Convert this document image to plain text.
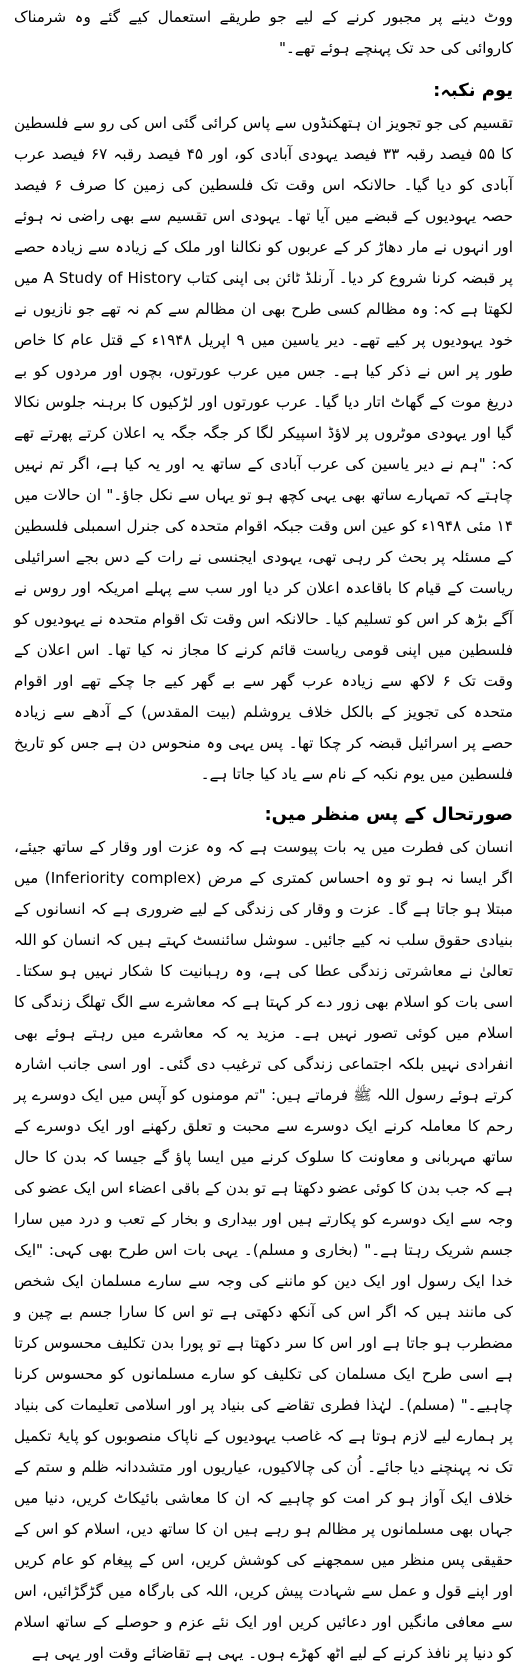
ووٹ دینے پر مجبور کرنے کے لیے جو طریقے استعمال کیے گئے وہ شرمناک کاروائی کی حد تک پہنچے ہوئے تھے۔"

یوم نکبہ:

تقسیم کی جو تجویز ان ہتھکنڈوں سے پاس کرائی گئی اس کی رو سے فلسطین کا ۵۵ فیصد رقبہ ۳۳ فیصد یہودی آبادی کو، اور ۴۵ فیصد رقبہ ۶۷ فیصد عرب آبادی کو دیا گیا۔ حالانکہ اس وقت تک فلسطین کی زمین کا صرف ۶ فیصد حصہ یہودیوں کے قبضے میں آیا تھا۔ یہودی اس تقسیم سے بھی راضی نہ ہوئے اور انہوں نے مار دھاڑ کر کے عربوں کو نکالنا اور ملک کے زیادہ سے زیادہ حصے پر قبضہ کرنا شروع کر دیا۔ آرنلڈ ٹائن بی اپنی کتاب A Study of History میں لکھتا ہے کہ: وہ مظالم کسی طرح بھی ان مظالم سے کم نہ تھے جو نازیوں نے خود یہودیوں پر کیے تھے۔ دیر یاسین میں ۹ اپریل ۱۹۴۸ء کے قتل عام کا خاص طور پر اس نے ذکر کیا ہے۔ جس میں عرب عورتوں، بچوں اور مردوں کو بے دریغ موت کے گھاٹ اتار دیا گیا۔ عرب عورتوں اور لڑکیوں کا برہنہ جلوس نکالا گیا اور یہودی موٹروں پر لاؤڈ اسپیکر لگا کر جگہ جگہ یہ اعلان کرتے پھرتے تھے کہ: "ہم نے دیر یاسین کی عرب آبادی کے ساتھ یہ اور یہ کیا ہے، اگر تم نہیں چاہتے کہ تمہارے ساتھ بھی یہی کچھ ہو تو یہاں سے نکل جاؤ۔" ان حالات میں ۱۴ مئی ۱۹۴۸ء کو عین اس وقت جبکہ اقوام متحدہ کی جنرل اسمبلی فلسطین کے مسئلہ پر بحث کر رہی تھی، یہودی ایجنسی نے رات کے دس بجے اسرائیلی ریاست کے قیام کا باقاعدہ اعلان کر دیا اور سب سے پہلے امریکہ اور روس نے آگے بڑھ کر اس کو تسلیم کیا۔ حالانکہ اس وقت تک اقوام متحدہ نے یہودیوں کو فلسطین میں اپنی قومی ریاست قائم کرنے کا مجاز نہ کیا تھا۔ اس اعلان کے وقت تک ۶ لاکھ سے زیادہ عرب گھر سے بے گھر کیے جا چکے تھے اور اقوام متحدہ کی تجویز کے بالکل خلاف یروشلم (بیت المقدس) کے آدھے سے زیادہ حصے پر اسرائیل قبضہ کر چکا تھا۔ پس یہی وہ منحوس دن ہے جس کو تاریخ فلسطین میں یوم نکبہ کے نام سے یاد کیا جاتا ہے۔

صورتحال کے پس منظر میں:

انسان کی فطرت میں یہ بات پیوست ہے کہ وہ عزت اور وقار کے ساتھ جیئے، اگر ایسا نہ ہو تو وہ احساس کمتری کے مرض (Inferiority complex) میں مبتلا ہو جاتا ہے گا۔ عزت و وقار کی زندگی کے لیے ضروری ہے کہ انسانوں کے بنیادی حقوق سلب نہ کیے جائیں۔ سوشل سائنسٹ کہتے ہیں کہ انسان کو اللہ تعالیٰ نے معاشرتی زندگی عطا کی ہے، وہ رہبانیت کا شکار نہیں ہو سکتا۔ اسی بات کو اسلام بھی زور دے کر کہتا ہے کہ معاشرے سے الگ تھلگ زندگی کا اسلام میں کوئی تصور نہیں ہے۔ مزید یہ کہ معاشرے میں رہتے ہوئے بھی انفرادی نہیں بلکہ اجتماعی زندگی کی ترغیب دی گئی۔ اور اسی جانب اشارہ کرتے ہوئے رسول اللہ ﷺ فرماتے ہیں: "تم مومنوں کو آپس میں ایک دوسرے پر رحم کا معاملہ کرنے ایک دوسرے سے محبت و تعلق رکھنے اور ایک دوسرے کے ساتھ مہربانی و معاونت کا سلوک کرنے میں ایسا پاؤ گے جیسا کہ بدن کا حال ہے کہ جب بدن کا کوئی عضو دکھتا ہے تو بدن کے باقی اعضاء اس ایک عضو کی وجہ سے ایک دوسرے کو پکارتے ہیں اور بیداری و بخار کے تعب و درد میں سارا جسم شریک رہتا ہے۔" (بخاری و مسلم)۔ یہی بات اس طرح بھی کہی: "ایک خدا ایک رسول اور ایک دین کو ماننے کی وجہ سے سارے مسلمان ایک شخص کی مانند ہیں کہ اگر اس کی آنکھ دکھتی ہے تو اس کا سارا جسم بے چین و مضطرب ہو جاتا ہے اور اس کا سر دکھتا ہے تو پورا بدن تکلیف محسوس کرتا ہے اسی طرح ایک مسلمان کی تکلیف کو سارے مسلمانوں کو محسوس کرنا چاہیے۔" (مسلم)۔ لہٰذا فطری تقاضے کی بنیاد پر اور اسلامی تعلیمات کی بنیاد پر ہمارے لیے لازم ہوتا ہے کہ غاصب یہودیوں کے ناپاک منصوبوں کو پایۂ تکمیل تک نہ پہنچنے دیا جائے۔ اُن کی چالاکیوں، عیاریوں اور متشددانہ ظلم و ستم کے خلاف ایک آواز ہو کر امت کو چاہیے کہ ان کا معاشی بائیکاٹ کریں، دنیا میں جہاں بھی مسلمانوں پر مظالم ہو رہے ہیں ان کا ساتھ دیں، اسلام کو اس کے حقیقی پس منظر میں سمجھنے کی کوشش کریں، اس کے پیغام کو عام کریں اور اپنے قول و عمل سے شہادت پیش کریں، اللہ کی بارگاہ میں گڑگڑائیں، اس سے معافی مانگیں اور دعائیں کریں اور ایک نئے عزم و حوصلے کے ساتھ اسلام کو دنیا پر نافذ کرنے کے لیے اٹھ کھڑے ہوں۔ یہی ہے تقاضائے وقت اور یہی ہے
